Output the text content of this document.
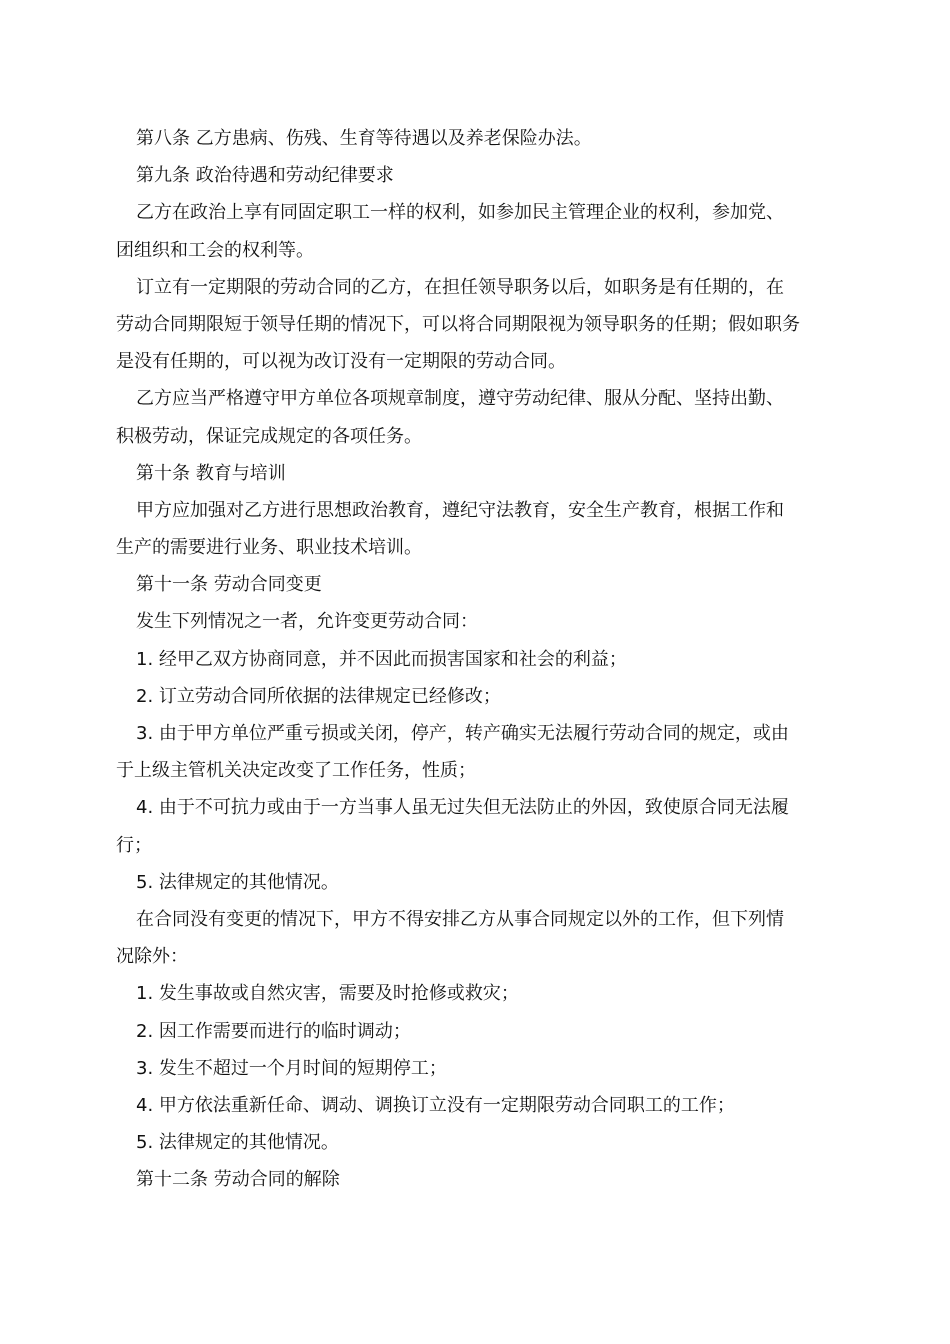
第八条 乙方患病、伤残、生育等待遇以及养老保险办法。
第九条 政治待遇和劳动纪律要求
乙方在政治上享有同固定职工一样的权利，如参加民主管理企业的权利，参加党、
团组织和工会的权利等。
订立有一定期限的劳动合同的乙方，在担任领导职务以后，如职务是有任期的，在
劳动合同期限短于领导任期的情况下，可以将合同期限视为领导职务的任期；假如职务
是没有任期的，可以视为改订没有一定期限的劳动合同。
乙方应当严格遵守甲方单位各项规章制度，遵守劳动纪律、服从分配、坚持出勤、
积极劳动，保证完成规定的各项任务。
第十条 教育与培训
甲方应加强对乙方进行思想政治教育，遵纪守法教育，安全生产教育，根据工作和
生产的需要进行业务、职业技术培训。
第十一条 劳动合同变更
发生下列情况之一者，允许变更劳动合同：
1. 经甲乙双方协商同意，并不因此而损害国家和社会的利益；
2. 订立劳动合同所依据的法律规定已经修改；
3. 由于甲方单位严重亏损或关闭，停产，转产确实无法履行劳动合同的规定，或由
于上级主管机关决定改变了工作任务，性质；
4. 由于不可抗力或由于一方当事人虽无过失但无法防止的外因，致使原合同无法履
行；
5. 法律规定的其他情况。
在合同没有变更的情况下，甲方不得安排乙方从事合同规定以外的工作，但下列情
况除外：
1. 发生事故或自然灾害，需要及时抢修或救灾；
2. 因工作需要而进行的临时调动；
3. 发生不超过一个月时间的短期停工；
4. 甲方依法重新任命、调动、调换订立没有一定期限劳动合同职工的工作；
5. 法律规定的其他情况。
第十二条 劳动合同的解除
